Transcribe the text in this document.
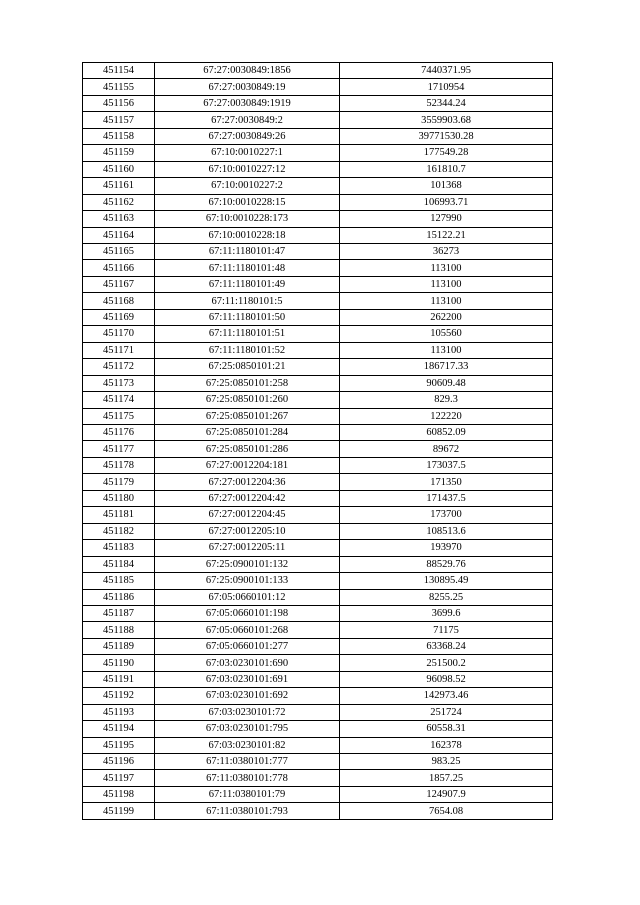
451154	67:27:0030849:1856	7440371.95
451155	67:27:0030849:19	1710954
451156	67:27:0030849:1919	52344.24
451157	67:27:0030849:2	3559903.68
451158	67:27:0030849:26	39771530.28
451159	67:10:0010227:1	177549.28
451160	67:10:0010227:12	161810.7
451161	67:10:0010227:2	101368
451162	67:10:0010228:15	106993.71
451163	67:10:0010228:173	127990
451164	67:10:0010228:18	15122.21
451165	67:11:1180101:47	36273
451166	67:11:1180101:48	113100
451167	67:11:1180101:49	113100
451168	67:11:1180101:5	113100
451169	67:11:1180101:50	262200
451170	67:11:1180101:51	105560
451171	67:11:1180101:52	113100
451172	67:25:0850101:21	186717.33
451173	67:25:0850101:258	90609.48
451174	67:25:0850101:260	829.3
451175	67:25:0850101:267	122220
451176	67:25:0850101:284	60852.09
451177	67:25:0850101:286	89672
451178	67:27:0012204:181	173037.5
451179	67:27:0012204:36	171350
451180	67:27:0012204:42	171437.5
451181	67:27:0012204:45	173700
451182	67:27:0012205:10	108513.6
451183	67:27:0012205:11	193970
451184	67:25:0900101:132	88529.76
451185	67:25:0900101:133	130895.49
451186	67:05:0660101:12	8255.25
451187	67:05:0660101:198	3699.6
451188	67:05:0660101:268	71175
451189	67:05:0660101:277	63368.24
451190	67:03:0230101:690	251500.2
451191	67:03:0230101:691	96098.52
451192	67:03:0230101:692	142973.46
451193	67:03:0230101:72	251724
451194	67:03:0230101:795	60558.31
451195	67:03:0230101:82	162378
451196	67:11:0380101:777	983.25
451197	67:11:0380101:778	1857.25
451198	67:11:0380101:79	124907.9
451199	67:11:0380101:793	7654.08
